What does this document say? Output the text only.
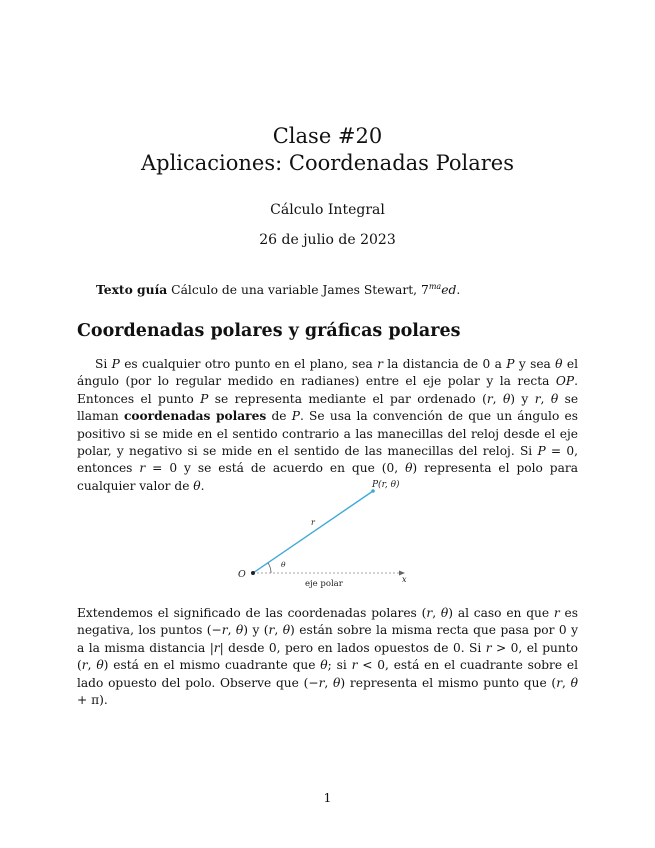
Clase #20
Aplicaciones: Coordenadas Polares
Cálculo Integral
26 de julio de 2023
Texto guía Cálculo de una variable James Stewart, $7^{ma}ed$.
Coordenadas polares y gráficas polares

Si P es cualquier otro punto en el plano, sea r la distancia de 0 a P y sea θ el ángulo (por lo regular medido en radianes) entre el eje polar y la recta OP. Entonces el punto P se representa mediante el par ordenado (r, θ) y r, θ se llaman coordenadas polares de P. Se usa la convención de que un ángulo es positivo si se mide en el sentido contrario a las manecillas del reloj desde el eje polar, y negativo si se mide en el sentido de las manecillas del reloj. Si P = 0, entonces r = 0 y se está de acuerdo en que (0, θ) representa el polo para cualquier valor de θ.	P(r, θ)
r
θ
O
eje polar	x

Extendemos el significado de las coordenadas polares (r, θ) al caso en que r es negativa, los puntos (−r, θ) y (r, θ) están sobre la misma recta que pasa por 0 y a la misma distancia |r| desde 0, pero en lados opuestos de 0. Si r > 0, el punto (r, θ) está en el mismo cuadrante que θ; si r < 0, está en el cuadrante sobre el lado opuesto del polo. Observe que (−r, θ) representa el mismo punto que (r, θ + π).

1
